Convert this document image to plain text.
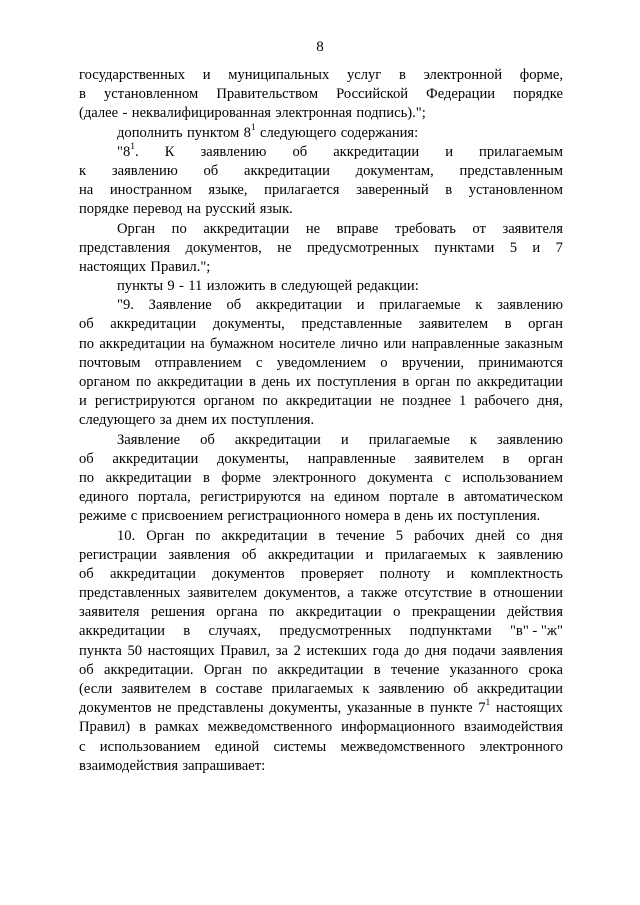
8
государственных и муниципальных услуг в электронной форме,
в установленном Правительством Российской Федерации порядке
(далее - неквалифицированная электронная подпись).";
дополнить пунктом $8^1$ следующего содержания:
"$8^1$. К заявлению об аккредитации и прилагаемым
к заявлению об аккредитации документам, представленным
на иностранном языке, прилагается заверенный в установленном
порядке перевод на русский язык.
Орган по аккредитации не вправе требовать от заявителя
представления документов, не предусмотренных пунктами 5 и 7
настоящих Правил.";
пункты 9 - 11 изложить в следующей редакции:
"9. Заявление об аккредитации и прилагаемые к заявлению
об аккредитации документы, представленные заявителем в орган
по аккредитации на бумажном носителе лично или направленные заказным
почтовым отправлением с уведомлением о вручении, принимаются
органом по аккредитации в день их поступления в орган по аккредитации
и регистрируются органом по аккредитации не позднее 1 рабочего дня,
следующего за днем их поступления.
Заявление об аккредитации и прилагаемые к заявлению
об аккредитации документы, направленные заявителем в орган
по аккредитации в форме электронного документа с использованием
единого портала, регистрируются на едином портале в автоматическом
режиме с присвоением регистрационного номера в день их поступления.
10. Орган по аккредитации в течение 5 рабочих дней со дня
регистрации заявления об аккредитации и прилагаемых к заявлению
об аккредитации документов проверяет полноту и комплектность
представленных заявителем документов, а также отсутствие в отношении
заявителя решения органа по аккредитации о прекращении действия
аккредитации в случаях, предусмотренных подпунктами "в" - "ж"
пункта 50 настоящих Правил, за 2 истекших года до дня подачи заявления
об аккредитации. Орган по аккредитации в течение указанного срока
(если заявителем в составе прилагаемых к заявлению об аккредитации
документов не представлены документы, указанные в пункте $7^1$ настоящих
Правил) в рамках межведомственного информационного взаимодействия
с использованием единой системы межведомственного электронного
взаимодействия запрашивает:
